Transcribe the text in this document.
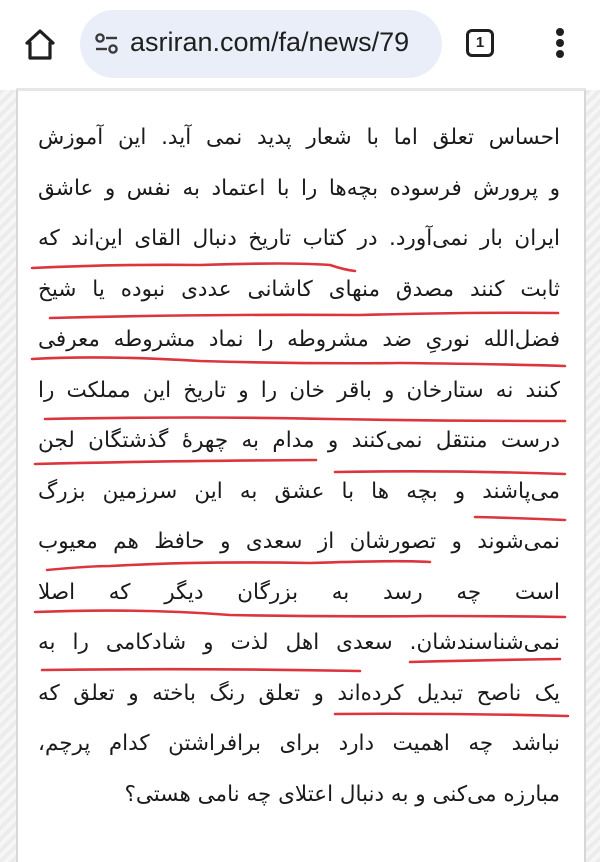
asriran.com/fa/news/79	1
احساس تعلق اما با شعار پدید نمی آید. این آموزش
و پرورش فرسوده بچه‌ها را با اعتماد به نفس و عاشق
ایران بار نمی‌آورد. در کتاب تاریخ دنبال القای این‌اند که
ثابت کنند مصدق منهای کاشانی عددی نبوده یا شیخ
فضل‌الله نوریِ ضد مشروطه را نماد مشروطه معرفی
کنند نه ستارخان و باقر خان را و تاریخ این مملکت را
درست منتقل نمی‌کنند و مدام به چهرۀ گذشتگان لجن
می‌پاشند و بچه ها با عشق به این سرزمین بزرگ
نمی‌شوند و تصورشان از سعدی و حافظ هم معیوب
است چه رسد به بزرگان دیگر که اصلا
نمی‌شناسندشان. سعدی اهل لذت و شادکامی را به
یک ناصح تبدیل کرده‌اند و تعلق رنگ باخته و تعلق که
نباشد چه اهمیت دارد برای برافراشتن کدام پرچم،
مبارزه می‌کنی و به دنبال اعتلای چه نامی هستی؟
